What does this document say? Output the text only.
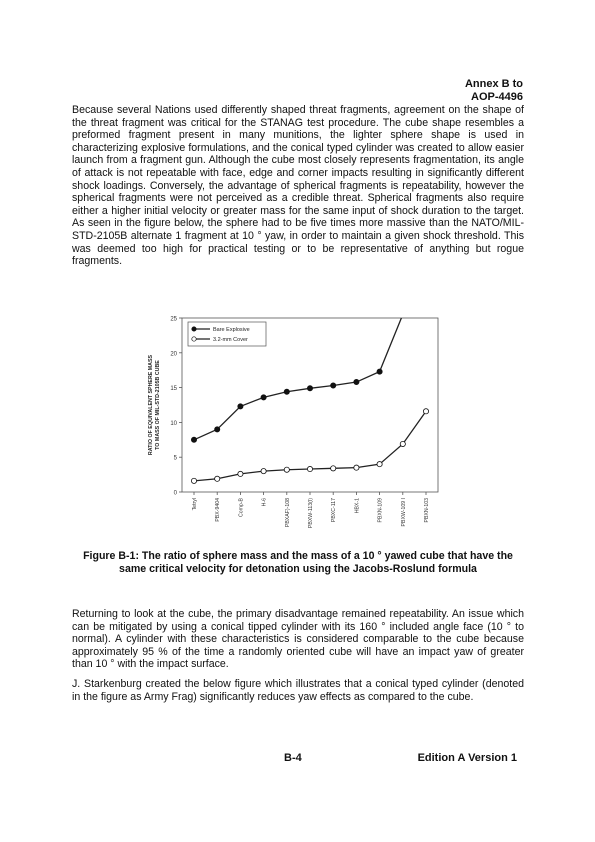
Annex B to
AOP-4496

Because several Nations used differently shaped threat fragments, agreement on the shape of the threat fragment was critical for the STANAG test procedure. The cube shape resembles a preformed fragment present in many munitions, the lighter sphere shape is used in characterizing explosive formulations, and the conical typed cylinder was created to allow easier launch from a fragment gun. Although the cube most closely represents fragmentation, its angle of attack is not repeatable with face, edge and corner impacts resulting in significantly different shock loadings. Conversely, the advantage of spherical fragments is repeatability, however the spherical fragments were not perceived as a credible threat. Spherical fragments also require either a higher initial velocity or greater mass for the same input of shock duration to the target. As seen in the figure below, the sphere had to be five times more massive than the NATO/MIL-STD-2105B alternate 1 fragment at 10 ° yaw, in order to maintain a given shock threshold. This was deemed too high for practical testing or to be representative of anything but rogue fragments.

0
5
10
15
20
25
Tetryl	PBX-9404	Comp-B	H-6	PBXAF)-108	PBXW-113(I)	PBXC-117	HBX-1	PBXN-109	PBXW-109 I	PBXN-103
RATIO OF EQUIVALENT SPHERE MASS TO MASS OF MIL-STD-2105B CUBE
Bare Explosive
3.2-mm Cover
Figure B-1: The ratio of sphere mass and the mass of a 10 ° yawed cube that have the same critical velocity for detonation using the Jacobs-Roslund formula

Returning to look at the cube, the primary disadvantage remained repeatability. An issue which can be mitigated by using a conical tipped cylinder with its 160 ° included angle face (10 ° to normal). A cylinder with these characteristics is considered comparable to the cube because approximately 95 % of the time a randomly oriented cube will have an impact yaw of greater than 10 ° with the impact surface.

J. Starkenburg created the below figure which illustrates that a conical typed cylinder (denoted in the figure as Army Frag) significantly reduces yaw effects as compared to the cube.

B-4	Edition A Version 1
